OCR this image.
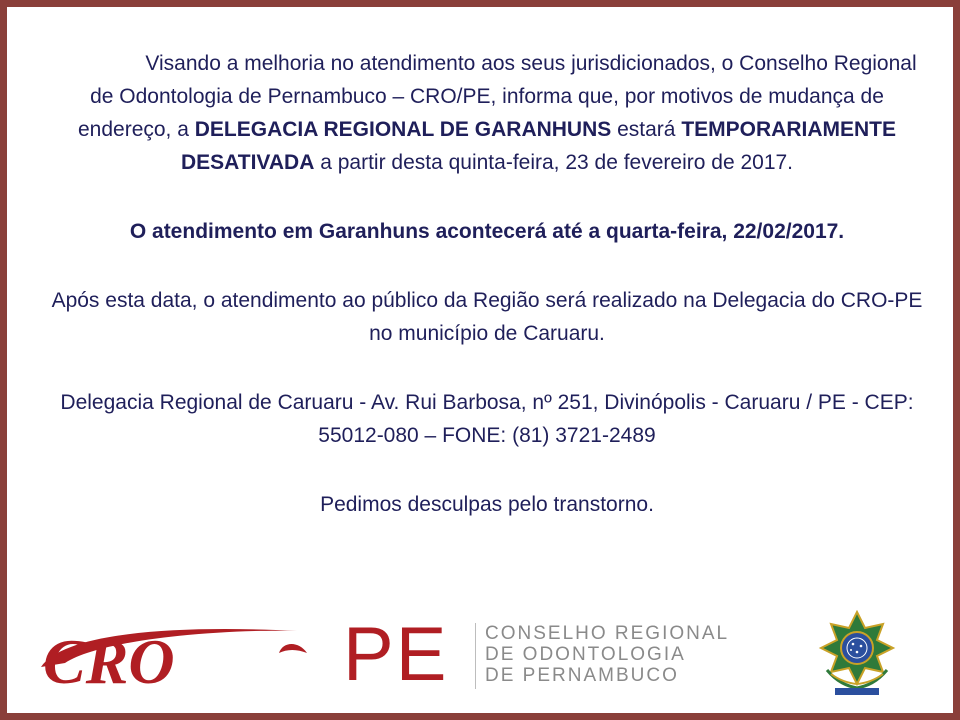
Visando a melhoria no atendimento aos seus jurisdicionados, o Conselho Regional de Odontologia de Pernambuco – CRO/PE, informa que, por motivos de mudança de endereço, a DELEGACIA REGIONAL DE GARANHUNS estará TEMPORARIAMENTE DESATIVADA a partir desta quinta-feira, 23 de fevereiro de 2017.

O atendimento em Garanhuns acontecerá até a quarta-feira, 22/02/2017.

Após esta data, o atendimento ao público da Região será realizado na Delegacia do CRO-PE no município de Caruaru.

Delegacia Regional de Caruaru - Av. Rui Barbosa, nº 251, Divinópolis - Caruaru / PE - CEP: 55012-080 – FONE: (81) 3721-2489

Pedimos desculpas pelo transtorno.

CRO PE CONSELHO REGIONAL
DE ODONTOLOGIA
DE PERNAMBUCO
